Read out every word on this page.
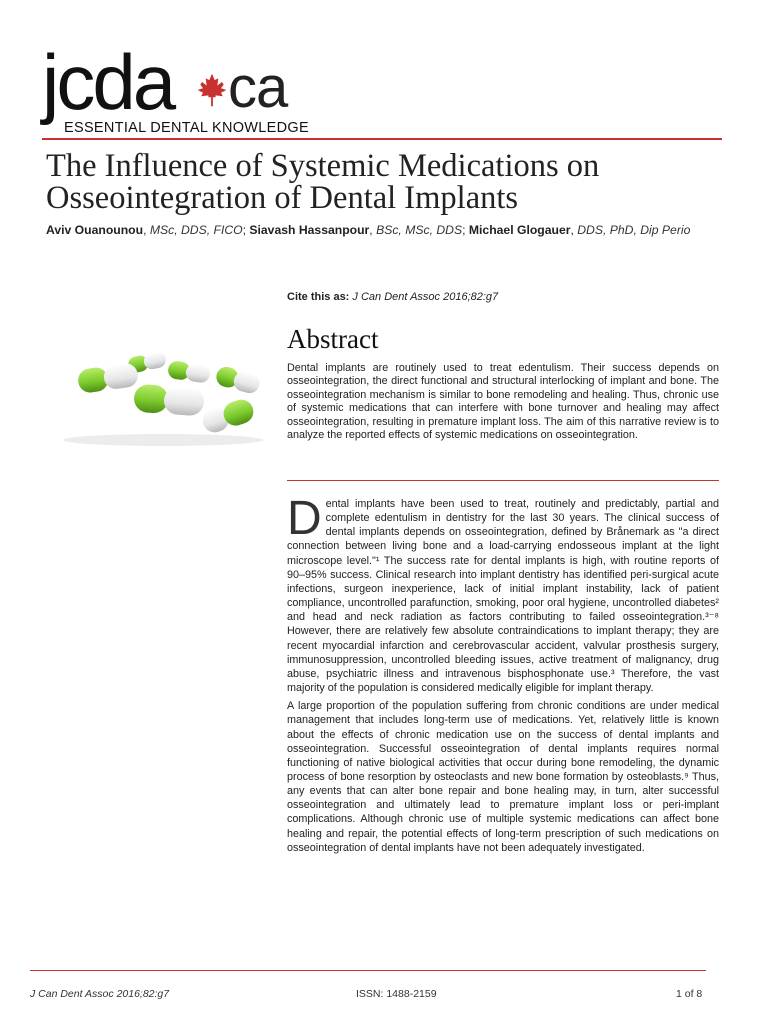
jcda ca
ESSENTIAL DENTAL KNOWLEDGE
The Influence of Systemic Medications on
Osseointegration of Dental Implants
Aviv Ouanounou, MSc, DDS, FICO; Siavash Hassanpour, BSc, MSc, DDS; Michael Glogauer, DDS, PhD, Dip Perio
Cite this as: J Can Dent Assoc 2016;82:g7
Abstract

Dental implants are routinely used to treat edentulism. Their success depends on osseointegration, the direct functional and structural interlocking of implant and bone. The osseointegration mechanism is similar to bone remodeling and healing. Thus, chronic use of systemic medications that can interfere with bone turnover and healing may affect osseointegration, resulting in premature implant loss. The aim of this narrative review is to analyze the reported effects of systemic medications on osseointegration.

Dental implants have been used to treat, routinely and predictably, partial and complete edentulism in dentistry for the last 30 years. The clinical success of dental implants depends on osseointegration, defined by Brånemark as "a direct connection between living bone and a load-carrying endosseous implant at the light microscope level."¹ The success rate for dental implants is high, with routine reports of 90–95% success. Clinical research into implant dentistry has identified peri-surgical acute infections, surgeon inexperience, lack of initial implant instability, lack of patient compliance, uncontrolled parafunction, smoking, poor oral hygiene, uncontrolled diabetes² and head and neck radiation as factors contributing to failed osseointegration.³⁻⁸ However, there are relatively few absolute contraindications to implant therapy; they are recent myocardial infarction and cerebrovascular accident, valvular prosthesis surgery, immunosuppression, uncontrolled bleeding issues, active treatment of malignancy, drug abuse, psychiatric illness and intravenous bisphosphonate use.³ Therefore, the vast majority of the population is considered medically eligible for implant therapy.

A large proportion of the population suffering from chronic conditions are under medical management that includes long-term use of medications. Yet, relatively little is known about the effects of chronic medication use on the success of dental implants and osseointegration. Successful osseointegration of dental implants requires normal functioning of native biological activities that occur during bone remodeling, the dynamic process of bone resorption by osteoclasts and new bone formation by osteoblasts.⁹ Thus, any events that can alter bone repair and bone healing may, in turn, alter successful osseointegration and ultimately lead to premature implant loss or peri-implant complications. Although chronic use of multiple systemic medications can affect bone healing and repair, the potential effects of long-term prescription of such medications on osseointegration of dental implants have not been adequately investigated.

J Can Dent Assoc 2016;82:g7	ISSN: 1488-2159	1 of 8
